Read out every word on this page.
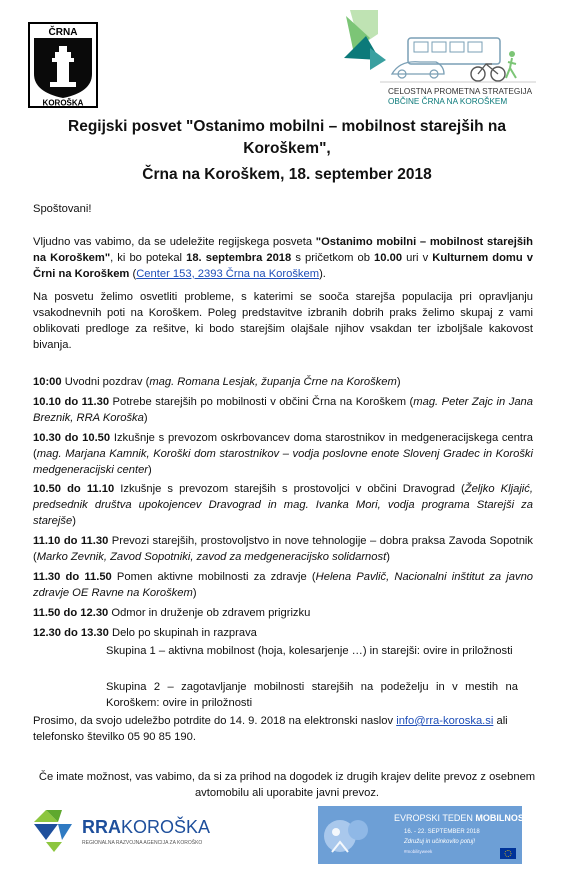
ČRNA
KOROŠKA
CELOSTNA PROMETNA STRATEGIJA
OBČINE ČRNA NA KOROŠKEM
Regijski posvet "Ostanimo mobilni – mobilnost starejših na
Koroškem",
Črna na Koroškem, 18. september 2018
Spoštovani!
Vljudno vas vabimo, da se udeležite regijskega posveta "Ostanimo mobilni – mobilnost starejših na Koroškem", ki bo potekal 18. septembra 2018 s pričetkom ob 10.00 uri v Kulturnem domu v Črni na Koroškem (Center 153, 2393 Črna na Koroškem).
Na posvetu želimo osvetliti probleme, s katerimi se sooča starejša populacija pri opravljanju vsakodnevnih poti na Koroškem. Poleg predstavitve izbranih dobrih praks želimo skupaj z vami oblikovati predloge za rešitve, ki bodo starejšim olajšale njihov vsakdan ter izboljšale kakovost bivanja.
10:00 Uvodni pozdrav (mag. Romana Lesjak, županja Črne na Koroškem)
10.10 do 11.30 Potrebe starejših po mobilnosti v občini Črna na Koroškem (mag. Peter Zajc in Jana Breznik, RRA Koroška)
10.30 do 10.50 Izkušnje s prevozom oskrbovancev doma starostnikov in medgeneracijskega centra (mag. Marjana Kamnik, Koroški dom starostnikov – vodja poslovne enote Slovenj Gradec in Koroški medgeneracijski center)
10.50 do 11.10 Izkušnje s prevozom starejših s prostovoljci v občini Dravograd (Željko Kljajić, predsednik društva upokojencev Dravograd in mag. Ivanka Mori, vodja programa Starejši za starejše)
11.10 do 11.30 Prevozi starejših, prostovoljstvo in nove tehnologije – dobra praksa Zavoda Sopotnik (Marko Zevnik, Zavod Sopotniki, zavod za medgeneracijsko solidarnost)
11.30 do 11.50 Pomen aktivne mobilnosti za zdravje (Helena Pavlič, Nacionalni inštitut za javno zdravje OE Ravne na Koroškem)
11.50 do 12.30 Odmor in druženje ob zdravem prigrizku
12.30 do 13.30 Delo po skupinah in razprava
Skupina 1 – aktivna mobilnost (hoja, kolesarjenje …) in starejši: ovire in priložnosti
Skupina 2 – zagotavljanje mobilnosti starejših na podeželju in v mestih na Koroškem: ovire in priložnosti
Prosimo, da svojo udeležbo potrdite do 14. 9. 2018 na elektronski naslov info@rra-koroska.si ali telefonsko številko 05 90 85 190.
Če imate možnost, vas vabimo, da si za prihod na dogodek iz drugih krajev delite prevoz z osebnem avtomobilu ali uporabite javni prevoz.
RRAKOROŠKA
REGIONALNA RAZVOJNA AGENCIJA ZA KOROŠKO
EVROPSKI TEDEN MOBILNOSTI
16. - 22. SEPTEMBER 2018
Združuj in učinkovito potuj!
#mobilityweek
